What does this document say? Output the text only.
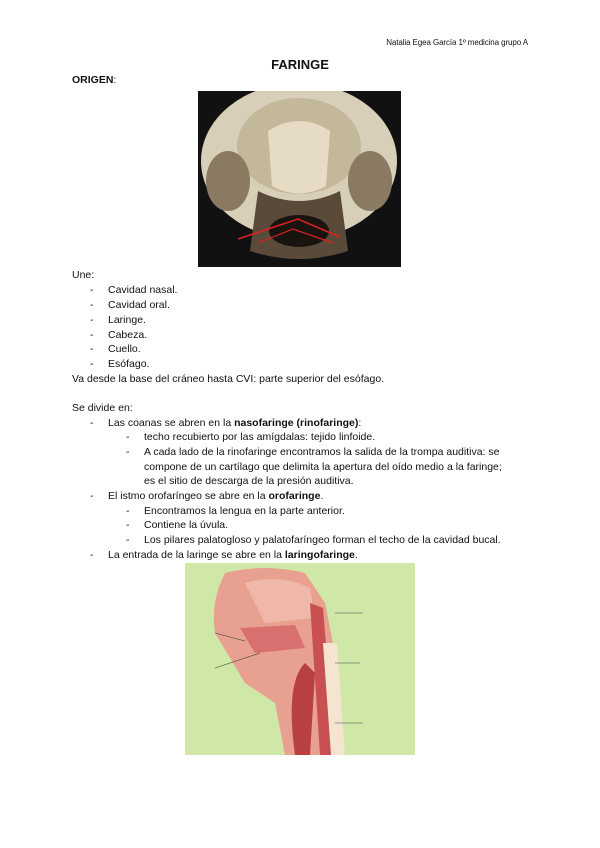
Natalia Egea García 1º medicina grupo A
FARINGE
ORIGEN:
Une:
- Cavidad nasal.
- Cavidad oral.
- Laringe.
- Cabeza.
- Cuello.
- Esófago.
Va desde la base del cráneo hasta CVI: parte superior del esófago.
Se divide en:
- Las coanas se abren en la nasofaringe (rinofaringe):
- techo recubierto por las amígdalas: tejido linfoide.
- A cada lado de la rinofaringe encontramos la salida de la trompa auditiva: se
compone de un cartílago que delimita la apertura del oído medio a la faringe;
es el sitio de descarga de la presión auditiva.
- El istmo orofaríngeo se abre en la orofaringe.
- Encontramos la lengua en la parte anterior.
- Contiene la úvula.
- Los pilares palatogloso y palatofaríngeo forman el techo de la cavidad bucal.
- La entrada de la laringe se abre en la laringofaringe.
